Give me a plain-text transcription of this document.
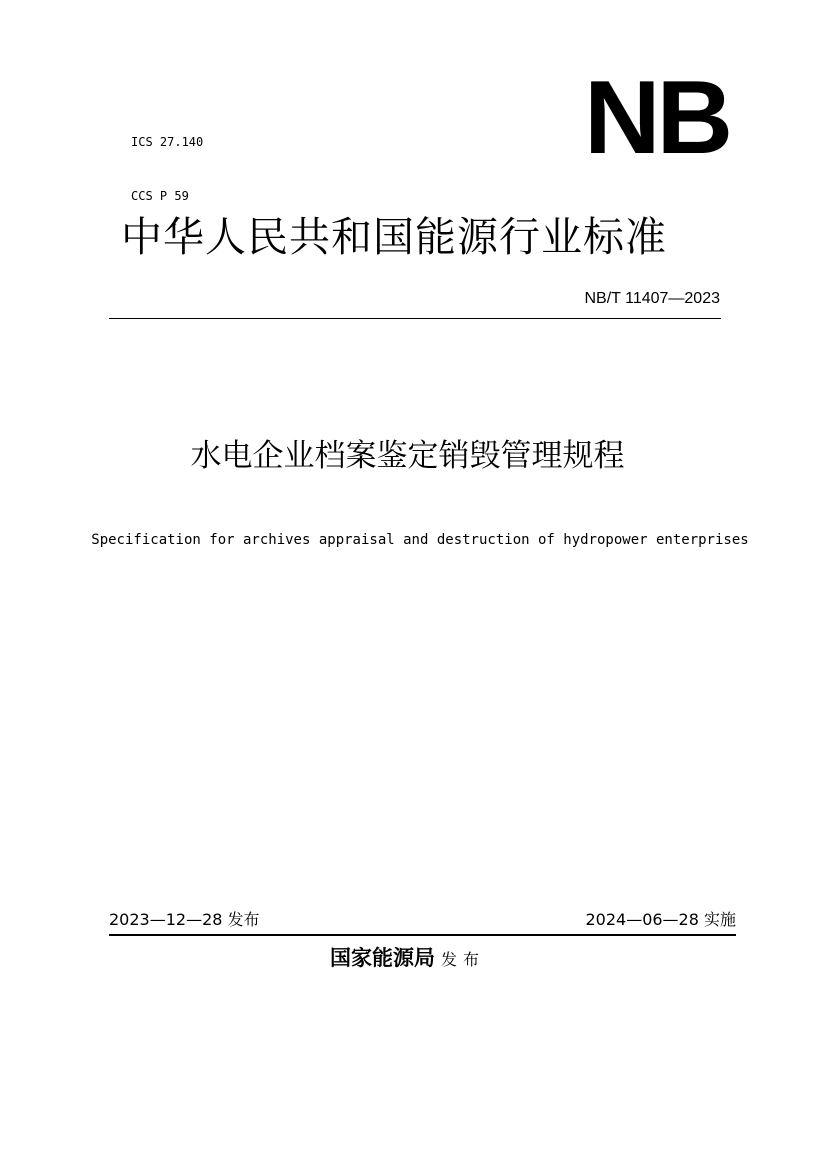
ICS 27.140

CCS P 59

NB
中华人民共和国能源行业标准
NB/T 11407—2023
水电企业档案鉴定销毁管理规程
Specification for archives appraisal and destruction of hydropower enterprises
2023—12—28 发布	2024—06—28 实施
国家能源局 发布
